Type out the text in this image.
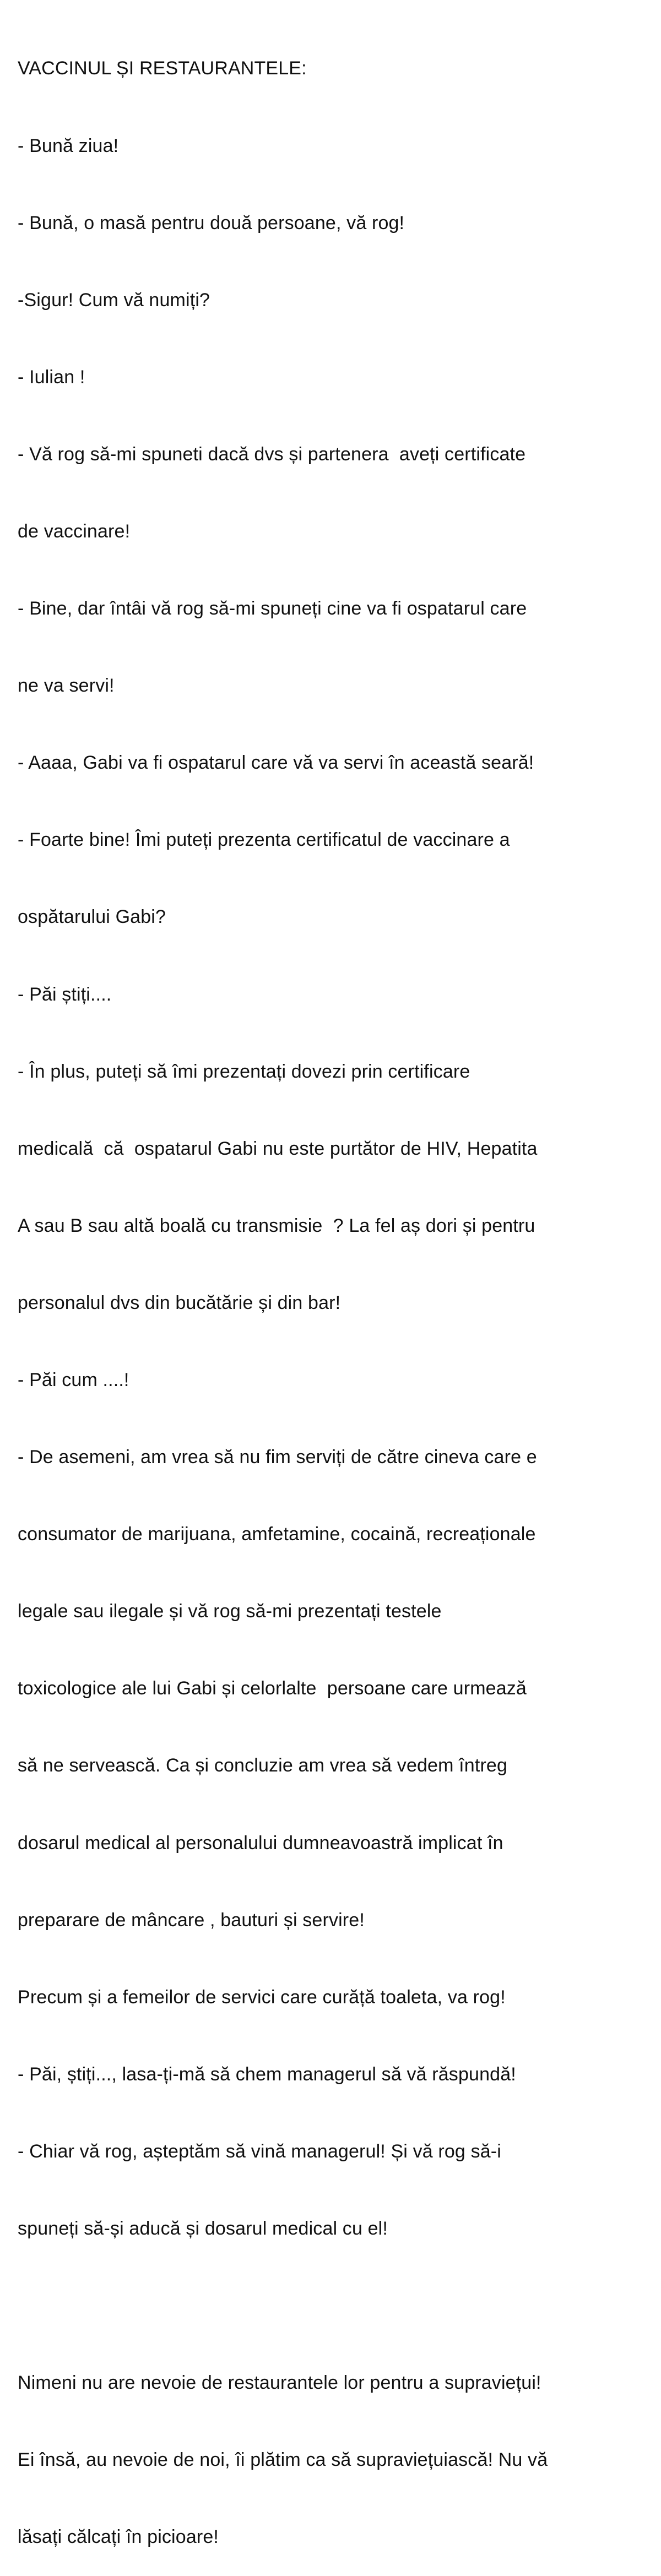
VACCINUL ȘI RESTAURANTELE:

- Bună ziua!

- Bună, o masă pentru două persoane, vă rog!

-Sigur! Cum vă numiți?

- Iulian !

- Vă rog să-mi spuneti dacă dvs și partenera  aveți certificate

de vaccinare!

- Bine, dar întâi vă rog să-mi spuneți cine va fi ospatarul care

ne va servi!

- Aaaa, Gabi va fi ospatarul care vă va servi în această seară!

- Foarte bine! Îmi puteți prezenta certificatul de vaccinare a

ospătarului Gabi?

- Păi știți....

- În plus, puteți să îmi prezentați dovezi prin certificare

medicală  că  ospatarul Gabi nu este purtător de HIV, Hepatita

A sau B sau altă boală cu transmisie  ? La fel aș dori și pentru

personalul dvs din bucătărie și din bar!

- Păi cum ....!

- De asemeni, am vrea să nu fim serviți de către cineva care e

consumator de marijuana, amfetamine, cocaină, recreaționale

legale sau ilegale și vă rog să-mi prezentați testele

toxicologice ale lui Gabi și celorlalte  persoane care urmează

să ne servească. Ca și concluzie am vrea să vedem întreg

dosarul medical al personalului dumneavoastră implicat în

preparare de mâncare , bauturi și servire!

Precum și a femeilor de servici care curăță toaleta, va rog!

- Păi, știți..., lasa-ți-mă să chem managerul să vă răspundă!

- Chiar vă rog, așteptăm să vină managerul! Și vă rog să-i

spuneți să-și aducă și dosarul medical cu el!

Nimeni nu are nevoie de restaurantele lor pentru a supraviețui!

Ei însă, au nevoie de noi, îi plătim ca să supraviețuiască! Nu vă

lăsați călcați în picioare!
